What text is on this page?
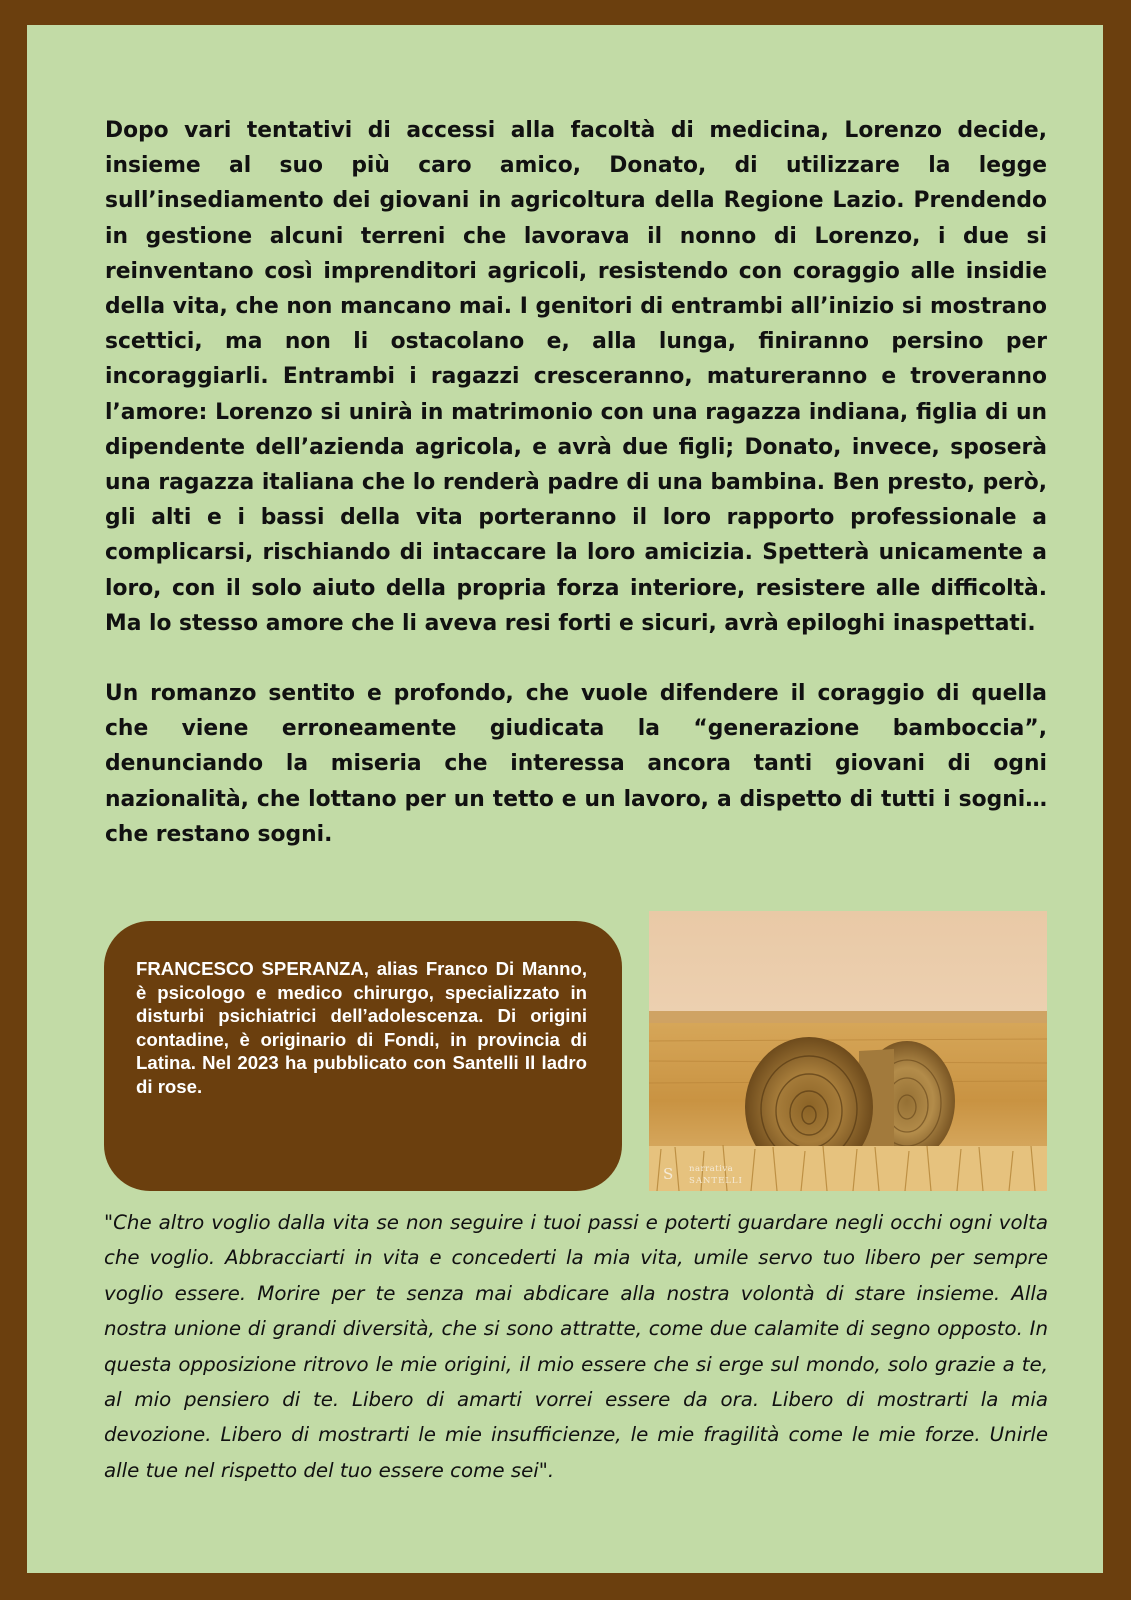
Dopo vari tentativi di accessi alla facoltà di medicina, Lorenzo decide, insieme al suo più caro amico, Donato, di utilizzare la legge sull’insediamento dei giovani in agricoltura della Regione Lazio. Prendendo in gestione alcuni terreni che lavorava il nonno di Lorenzo, i due si reinventano così imprenditori agricoli, resistendo con coraggio alle insidie della vita, che non mancano mai. I genitori di entrambi all’inizio si mostrano scettici, ma non li ostacolano e, alla lunga, finiranno persino per incoraggiarli. Entrambi i ragazzi cresceranno, matureranno e troveranno l’amore: Lorenzo si unirà in matrimonio con una ragazza indiana, figlia di un dipendente dell’azienda agricola, e avrà due figli; Donato, invece, sposerà una ragazza italiana che lo renderà padre di una bambina. Ben presto, però, gli alti e i bassi della vita porteranno il loro rapporto professionale a complicarsi, rischiando di intaccare la loro amicizia. Spetterà unicamente a loro, con il solo aiuto della propria forza interiore, resistere alle difficoltà. Ma lo stesso amore che li aveva resi forti e sicuri, avrà epiloghi inaspettati.

Un romanzo sentito e profondo, che vuole difendere il coraggio di quella che viene erroneamente giudicata la “generazione bamboccia”, denunciando la miseria che interessa ancora tanti giovani di ogni nazionalità, che lottano per un tetto e un lavoro, a dispetto di tutti i sogni… che restano sogni.

FRANCESCO SPERANZA, alias Franco Di Manno, è psicologo e medico chirurgo, specializzato in disturbi psichiatrici dell’adolescenza. Di origini contadine, è originario di Fondi, in provincia di Latina. Nel 2023 ha pubblicato con Santelli Il ladro di rose.

S narrativa
SANTELLI

"Che altro voglio dalla vita se non seguire i tuoi passi e poterti guardare negli occhi ogni volta che voglio. Abbracciarti in vita e concederti la mia vita, umile servo tuo libero per sempre voglio essere. Morire per te senza mai abdicare alla nostra volontà di stare insieme. Alla nostra unione di grandi diversità, che si sono attratte, come due calamite di segno opposto. In questa opposizione ritrovo le mie origini, il mio essere che si erge sul mondo, solo grazie a te, al mio pensiero di te. Libero di amarti vorrei essere da ora. Libero di mostrarti la mia devozione. Libero di mostrarti le mie insufficienze, le mie fragilità come le mie forze. Unirle alle tue nel rispetto del tuo essere come sei".
